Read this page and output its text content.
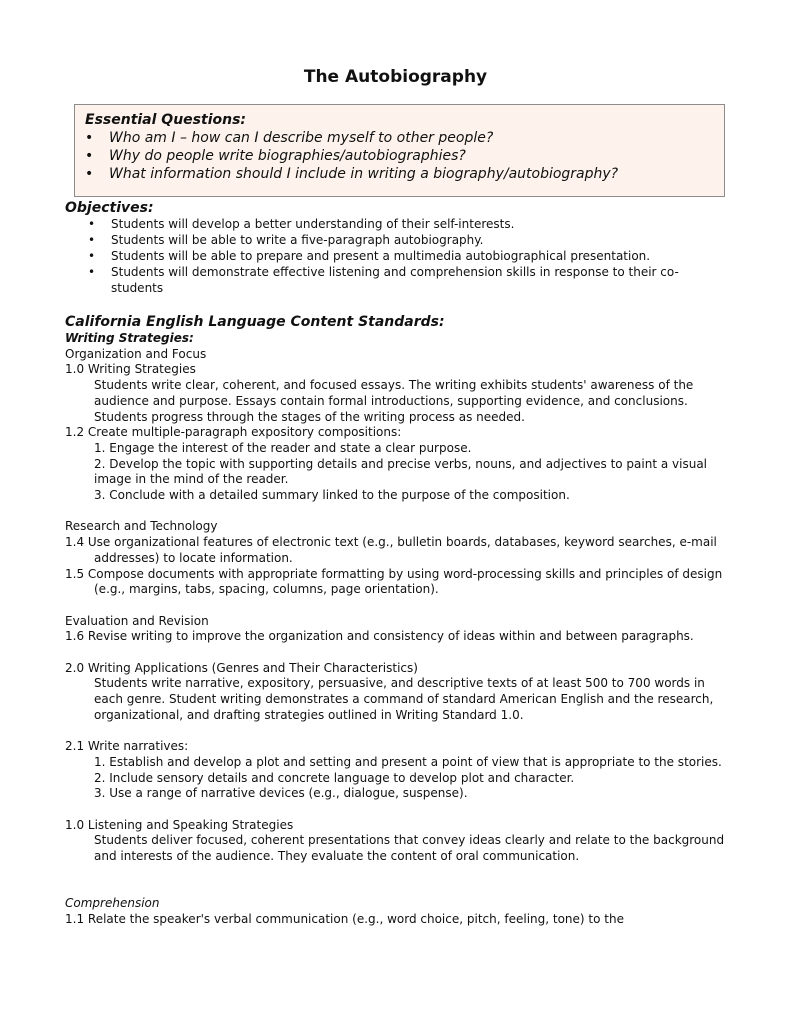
The Autobiography
Essential Questions:
• Who am I – how can I describe myself to other people?
• Why do people write biographies/autobiographies?
• What information should I include in writing a biography/autobiography?
Objectives:
• Students will develop a better understanding of their self-interests.
• Students will be able to write a five-paragraph autobiography.
• Students will be able to prepare and present a multimedia autobiographical presentation.
• Students will demonstrate effective listening and comprehension skills in response to their co-students
California English Language Content Standards:
Writing Strategies:
Organization and Focus
1.0 Writing Strategies
Students write clear, coherent, and focused essays. The writing exhibits students' awareness of the audience and purpose. Essays contain formal introductions, supporting evidence, and conclusions. Students progress through the stages of the writing process as needed.
1.2 Create multiple-paragraph expository compositions:
1. Engage the interest of the reader and state a clear purpose.
2. Develop the topic with supporting details and precise verbs, nouns, and adjectives to paint a visual image in the mind of the reader.
3. Conclude with a detailed summary linked to the purpose of the composition.
Research and Technology
1.4 Use organizational features of electronic text (e.g., bulletin boards, databases, keyword searches, e-mail addresses) to locate information.
1.5 Compose documents with appropriate formatting by using word-processing skills and principles of design (e.g., margins, tabs, spacing, columns, page orientation).
Evaluation and Revision
1.6 Revise writing to improve the organization and consistency of ideas within and between paragraphs.
2.0 Writing Applications (Genres and Their Characteristics)
Students write narrative, expository, persuasive, and descriptive texts of at least 500 to 700 words in each genre. Student writing demonstrates a command of standard American English and the research, organizational, and drafting strategies outlined in Writing Standard 1.0.
2.1 Write narratives:
1. Establish and develop a plot and setting and present a point of view that is appropriate to the stories.
2. Include sensory details and concrete language to develop plot and character.
3. Use a range of narrative devices (e.g., dialogue, suspense).
1.0 Listening and Speaking Strategies
Students deliver focused, coherent presentations that convey ideas clearly and relate to the background and interests of the audience. They evaluate the content of oral communication.
Comprehension
1.1 Relate the speaker's verbal communication (e.g., word choice, pitch, feeling, tone) to the
